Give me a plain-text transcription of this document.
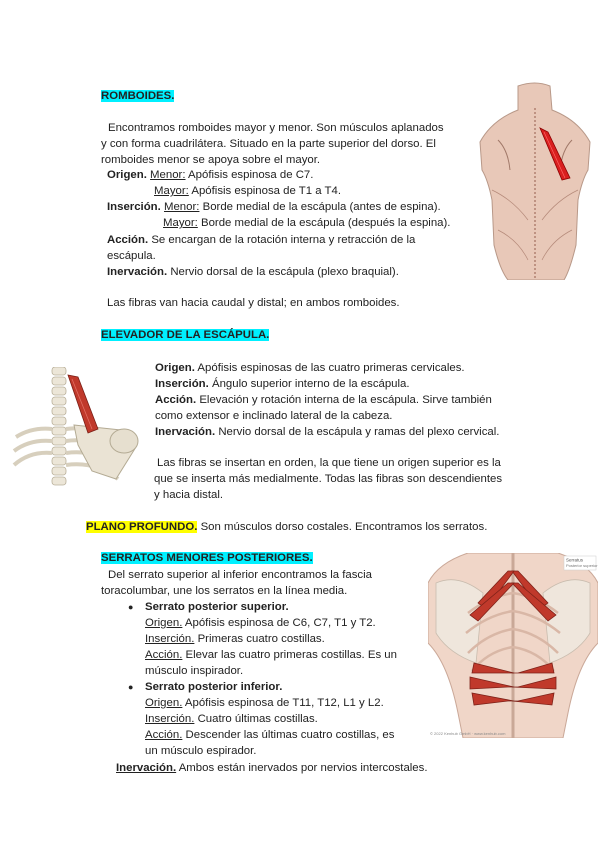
ROMBOIDES.
Encontramos romboides mayor y menor. Son músculos aplanados
y con forma cuadrilátera. Situado en la parte superior del dorso. El
romboides menor se apoya sobre el mayor.
Origen. Menor: Apófisis espinosa de C7.
Mayor: Apófisis espinosa de T1 a T4.
Inserción. Menor: Borde medial de la escápula (antes de espina).
Mayor: Borde medial de la escápula (después la espina).
Acción. Se encargan de la rotación interna y retracción de la
escápula.
Inervación. Nervio dorsal de la escápula (plexo braquial).
Las fibras van hacia caudal y distal; en ambos romboides.
ELEVADOR DE LA ESCÁPULA.
Origen. Apófisis espinosas de las cuatro primeras cervicales.
Inserción. Ángulo superior interno de la escápula.
Acción. Elevación y rotación interna de la escápula. Sirve también
como extensor e inclinado lateral de la cabeza.
Inervación. Nervio dorsal de la escápula y ramas del plexo cervical.
Las fibras se insertan en orden, la que tiene un origen superior es la
que se inserta más medialmente. Todas las fibras son descendientes
y hacia distal.
PLANO PROFUNDO. Son músculos dorso costales. Encontramos los serratos.
SERRATOS MENORES POSTERIORES.
Del serrato superior al inferior encontramos la fascia
toracolumbar, une los serratos en la línea media.
● Serrato posterior superior.
Origen. Apófisis espinosa de C6, C7, T1 y T2.
Inserción. Primeras cuatro costillas.
Acción. Elevar las cuatro primeras costillas. Es un
músculo inspirador.
● Serrato posterior inferior.
Origen. Apófisis espinosa de T11, T12, L1 y L2.
Inserción. Cuatro últimas costillas.
Acción. Descender las últimas cuatro costillas, es
un músculo espirador.
Inervación. Ambos están inervados por nervios intercostales.
Serratus
Posterior superior
© 2022 Kenhub GmbH · www.kenhub.com
